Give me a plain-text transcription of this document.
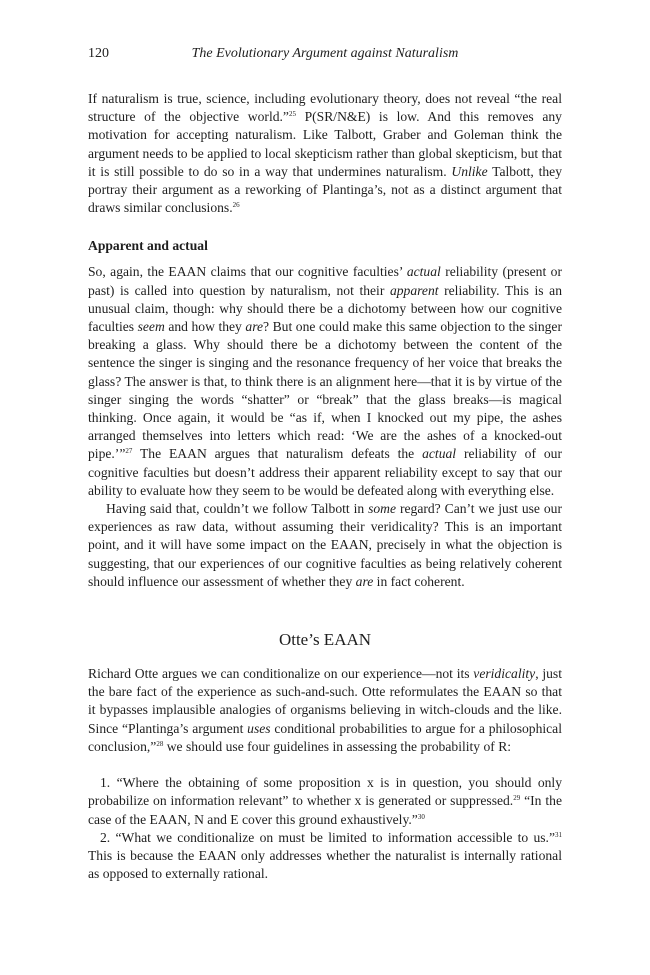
120	The Evolutionary Argument against Naturalism

If naturalism is true, science, including evolutionary theory, does not reveal “the real structure of the objective world.”$^{25}$ P(SR/N&E) is low. And this removes any motivation for accepting naturalism. Like Talbott, Graber and Goleman think the argument needs to be applied to local skepticism rather than global skepticism, but that it is still possible to do so in a way that undermines naturalism. Unlike Talbott, they portray their argument as a reworking of Plantinga’s, not as a distinct argument that draws similar conclusions.$^{26}$

Apparent and actual

So, again, the EAAN claims that our cognitive faculties’ actual reliability (present or past) is called into question by naturalism, not their apparent reliability. This is an unusual claim, though: why should there be a dichotomy between how our cognitive faculties seem and how they are? But one could make this same objection to the singer breaking a glass. Why should there be a dichotomy between the content of the sentence the singer is singing and the resonance frequency of her voice that breaks the glass? The answer is that, to think there is an alignment here—that it is by virtue of the singer singing the words “shatter” or “break” that the glass breaks—is magical thinking. Once again, it would be “as if, when I knocked out my pipe, the ashes arranged themselves into letters which read: ‘We are the ashes of a knocked-out pipe.’”$^{27}$ The EAAN argues that naturalism defeats the actual reliability of our cognitive faculties but doesn’t address their apparent reliability except to say that our ability to evaluate how they seem to be would be defeated along with everything else.

Having said that, couldn’t we follow Talbott in some regard? Can’t we just use our experiences as raw data, without assuming their veridicality? This is an important point, and it will have some impact on the EAAN, precisely in what the objection is suggesting, that our experiences of our cognitive faculties as being relatively coherent should influence our assessment of whether they are in fact coherent.

Otte’s EAAN

Richard Otte argues we can conditionalize on our experience—not its veridicality, just the bare fact of the experience as such-and-such. Otte reformulates the EAAN so that it bypasses implausible analogies of organisms believing in witch-clouds and the like. Since “Plantinga’s argument uses conditional probabilities to argue for a philosophical conclusion,”$^{28}$ we should use four guidelines in assessing the probability of R:

1. “Where the obtaining of some proposition x is in question, you should only probabilize on information relevant” to whether x is generated or suppressed.$^{29}$ “In the case of the EAAN, N and E cover this ground exhaustively.”$^{30}$

2. “What we conditionalize on must be limited to information accessible to us.”$^{31}$ This is because the EAAN only addresses whether the naturalist is internally rational as opposed to externally rational.
